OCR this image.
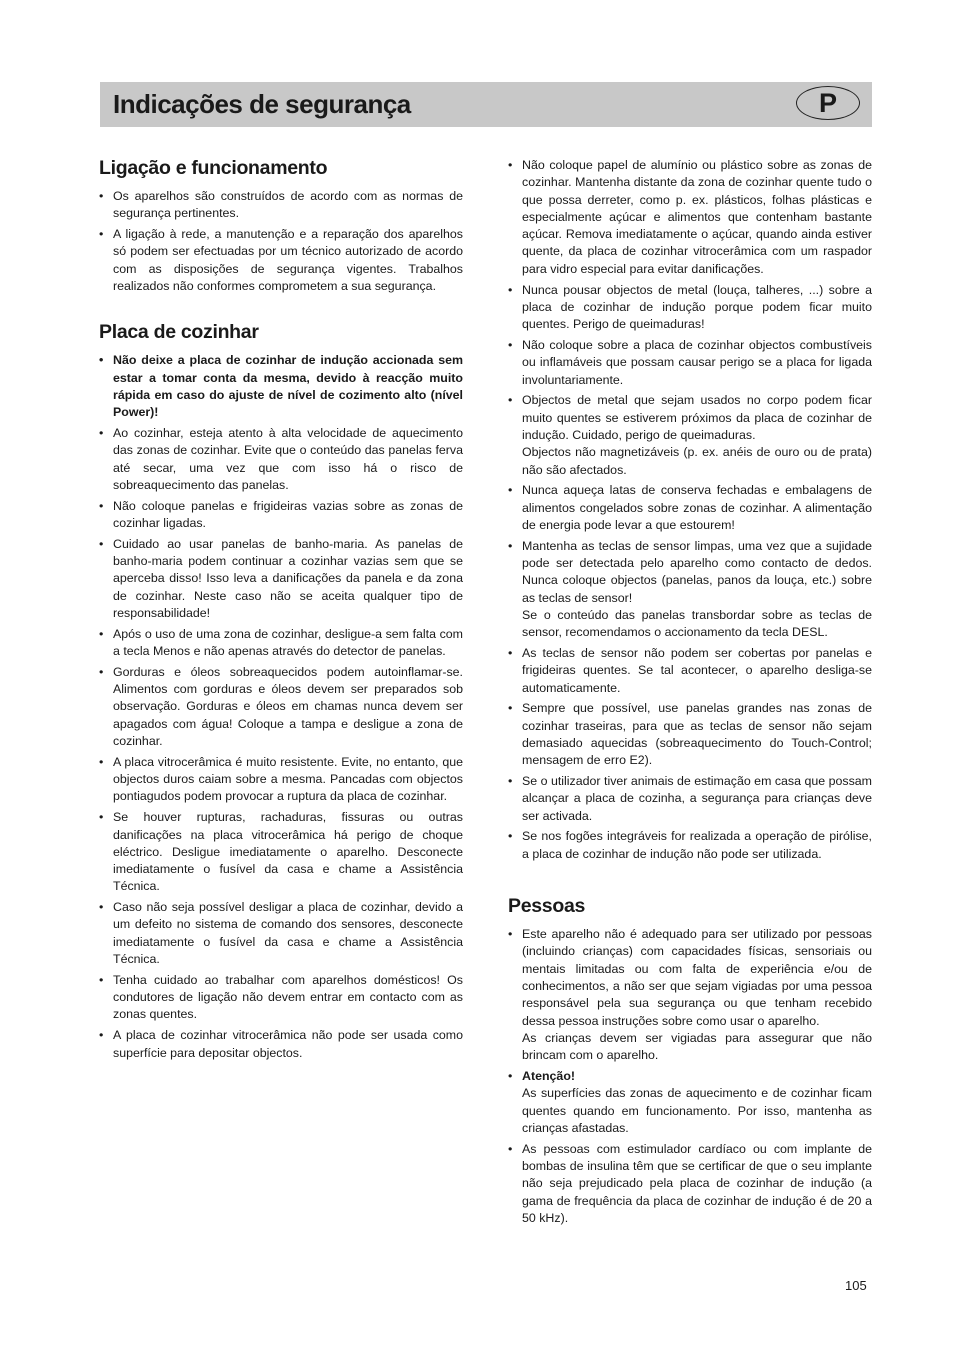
Indicações de segurança	P
Ligação e funcionamento
• Os aparelhos são construídos de acordo com as normas de segurança pertinentes.
• A ligação à rede, a manutenção e a reparação dos aparelhos só podem ser efectuadas por um técnico autorizado de acordo com as disposições de segurança vigentes. Trabalhos realizados não conformes comprometem a sua segurança.
Placa de cozinhar
• Não deixe a placa de cozinhar de indução accionada sem estar a tomar conta da mesma, devido à reacção muito rápida em caso do ajuste de nível de cozimento alto (nível Power)!
• Ao cozinhar, esteja atento à alta velocidade de aquecimento das zonas de cozinhar. Evite que o conteúdo das panelas ferva até secar, uma vez que com isso há o risco de sobreaquecimento das panelas.
• Não coloque panelas e frigideiras vazias sobre as zonas de cozinhar ligadas.
• Cuidado ao usar panelas de banho-maria. As panelas de banho-maria podem continuar a cozinhar vazias sem que se aperceba disso! Isso leva a danificações da panela e da zona de cozinhar. Neste caso não se aceita qualquer tipo de responsabilidade!
• Após o uso de uma zona de cozinhar, desligue-a sem falta com a tecla Menos e não apenas através do detector de panelas.
• Gorduras e óleos sobreaquecidos podem autoinflamar-se. Alimentos com gorduras e óleos devem ser preparados sob observação. Gorduras e óleos em chamas nunca devem ser apagados com água! Coloque a tampa e desligue a zona de cozinhar.
• A placa vitrocerâmica é muito resistente. Evite, no entanto, que objectos duros caiam sobre a mesma. Pancadas com objectos pontiagudos podem provocar a ruptura da placa de cozinhar.
• Se houver rupturas, rachaduras, fissuras ou outras danificações na placa vitrocerâmica há perigo de choque eléctrico. Desligue imediatamente o aparelho. Desconecte imediatamente o fusível da casa e chame a Assistência Técnica.
• Caso não seja possível desligar a placa de cozinhar, devido a um defeito no sistema de comando dos sensores, desconecte imediatamente o fusível da casa e chame a Assistência Técnica.
• Tenha cuidado ao trabalhar com aparelhos domésticos! Os condutores de ligação não devem entrar em contacto com as zonas quentes.
• A placa de cozinhar vitrocerâmica não pode ser usada como superfície para depositar objectos.
• Não coloque papel de alumínio ou plástico sobre as zonas de cozinhar. Mantenha distante da zona de cozinhar quente tudo o que possa derreter, como p. ex. plásticos, folhas plásticas e especialmente açúcar e alimentos que contenham bastante açúcar. Remova imediatamente o açúcar, quando ainda estiver quente, da placa de cozinhar vitrocerâmica com um raspador para vidro especial para evitar danificações.
• Nunca pousar objectos de metal (louça, talheres, ...) sobre a placa de cozinhar de indução porque podem ficar muito quentes. Perigo de queimaduras!
• Não coloque sobre a placa de cozinhar objectos combustíveis ou inflamáveis que possam causar perigo se a placa for ligada involuntariamente.
• Objectos de metal que sejam usados no corpo podem ficar muito quentes se estiverem próximos da placa de cozinhar de indução. Cuidado, perigo de queimaduras.
Objectos não magnetizáveis (p. ex. anéis de ouro ou de prata) não são afectados.
• Nunca aqueça latas de conserva fechadas e embalagens de alimentos congelados sobre zonas de cozinhar. A alimentação de energia pode levar a que estourem!
• Mantenha as teclas de sensor limpas, uma vez que a sujidade pode ser detectada pelo aparelho como contacto de dedos. Nunca coloque objectos (panelas, panos da louça, etc.) sobre as teclas de sensor!
Se o conteúdo das panelas transbordar sobre as teclas de sensor, recomendamos o accionamento da tecla DESL.
• As teclas de sensor não podem ser cobertas por panelas e frigideiras quentes. Se tal acontecer, o aparelho desliga-se automaticamente.
• Sempre que possível, use panelas grandes nas zonas de cozinhar traseiras, para que as teclas de sensor não sejam demasiado aquecidas (sobreaquecimento do Touch-Control; mensagem de erro E2).
• Se o utilizador tiver animais de estimação em casa que possam alcançar a placa de cozinha, a segurança para crianças deve ser activada.
• Se nos fogões integráveis for realizada a operação de pirólise, a placa de cozinhar de indução não pode ser utilizada.
Pessoas
• Este aparelho não é adequado para ser utilizado por pessoas (incluindo crianças) com capacidades físicas, sensoriais ou mentais limitadas ou com falta de experiência e/ou de conhecimentos, a não ser que sejam vigiadas por uma pessoa responsável pela sua segurança ou que tenham recebido dessa pessoa instruções sobre como usar o aparelho.
As crianças devem ser vigiadas para assegurar que não brincam com o aparelho.
• Atenção!
As superfícies das zonas de aquecimento e de cozinhar ficam quentes quando em funcionamento. Por isso, mantenha as crianças afastadas.
• As pessoas com estimulador cardíaco ou com implante de bombas de insulina têm que se certificar de que o seu implante não seja prejudicado pela placa de cozinhar de indução (a gama de frequência da placa de cozinhar de indução é de 20 a 50 kHz).
105
